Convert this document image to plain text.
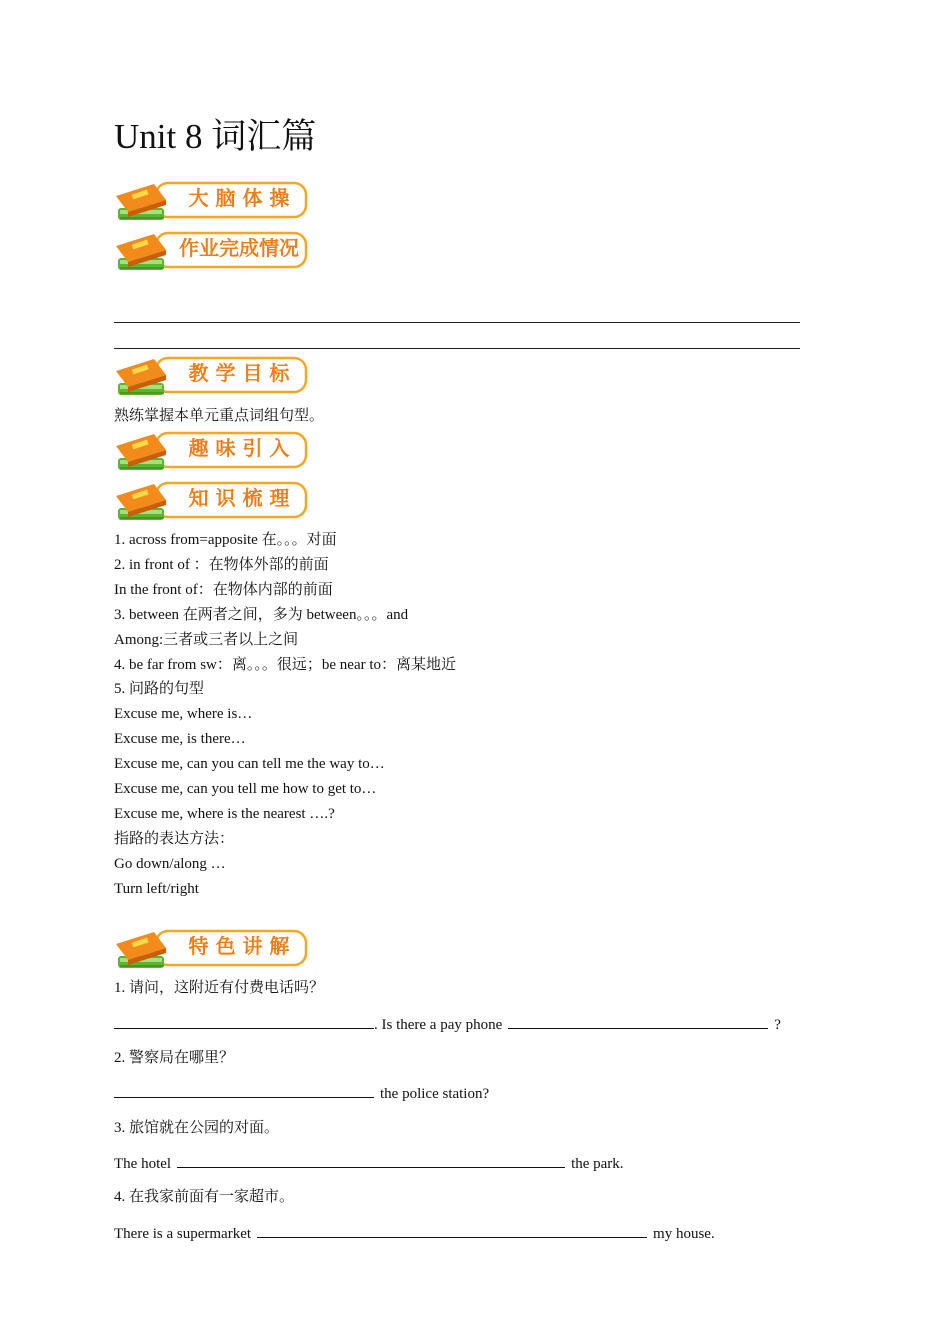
Unit 8 词汇篇
大 脑 体 操
作业完成情况
教 学 目 标
熟练掌握本单元重点词组句型。
趣 味 引 入
知 识 梳 理
1. across from=apposite 在。。。对面
2. in front of ：在物体外部的前面
In the front of：在物体内部的前面
3. between 在两者之间，多为 between。。。and
Among:三者或三者以上之间
4. be far from sw：离。。。很远；be near to：离某地近
5. 问路的句型
Excuse me, where is…
Excuse me, is there…
Excuse me, can you can tell me the way to…
Excuse me, can you tell me how to get to…
Excuse me, where is the nearest ….?
指路的表达方法：
Go down/along …
Turn left/right
特 色 讲 解
1. 请问，这附近有付费电话吗？
. Is there a pay phone	?
2. 警察局在哪里？
the police station?
3. 旅馆就在公园的对面。
The hotel	the park.
4. 在我家前面有一家超市。
There is a supermarket	my house.
